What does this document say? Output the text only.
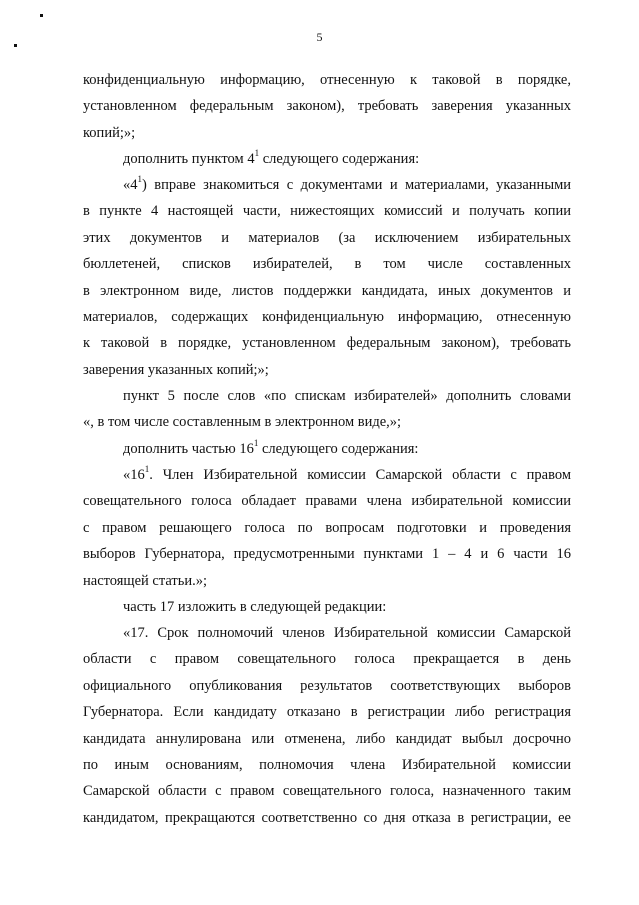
5
конфиденциальную информацию, отнесенную к таковой в порядке,
установленном федеральным законом), требовать заверения указанных
копий;»;
дополнить пунктом $4^1$ следующего содержания:
«$4^1$) вправе знакомиться с документами и материалами, указанными
в пункте 4 настоящей части, нижестоящих комиссий и получать копии
этих документов и материалов (за исключением избирательных
бюллетеней, списков избирателей, в том числе составленных
в электронном виде, листов поддержки кандидата, иных документов и
материалов, содержащих конфиденциальную информацию, отнесенную
к таковой в порядке, установленном федеральным законом), требовать
заверения указанных копий;»;
пункт 5 после слов «по спискам избирателей» дополнить словами
«, в том числе составленным в электронном виде,»;
дополнить частью $16^1$ следующего содержания:
«$16^1$. Член Избирательной комиссии Самарской области с правом
совещательного голоса обладает правами члена избирательной комиссии
с правом решающего голоса по вопросам подготовки и проведения
выборов Губернатора, предусмотренными пунктами 1 – 4 и 6 части 16
настоящей статьи.»;
часть 17 изложить в следующей редакции:
«17. Срок полномочий членов Избирательной комиссии Самарской
области с правом совещательного голоса прекращается в день
официального опубликования результатов соответствующих выборов
Губернатора. Если кандидату отказано в регистрации либо регистрация
кандидата аннулирована или отменена, либо кандидат выбыл досрочно
по иным основаниям, полномочия члена Избирательной комиссии
Самарской области с правом совещательного голоса, назначенного таким
кандидатом, прекращаются соответственно со дня отказа в регистрации, ее
